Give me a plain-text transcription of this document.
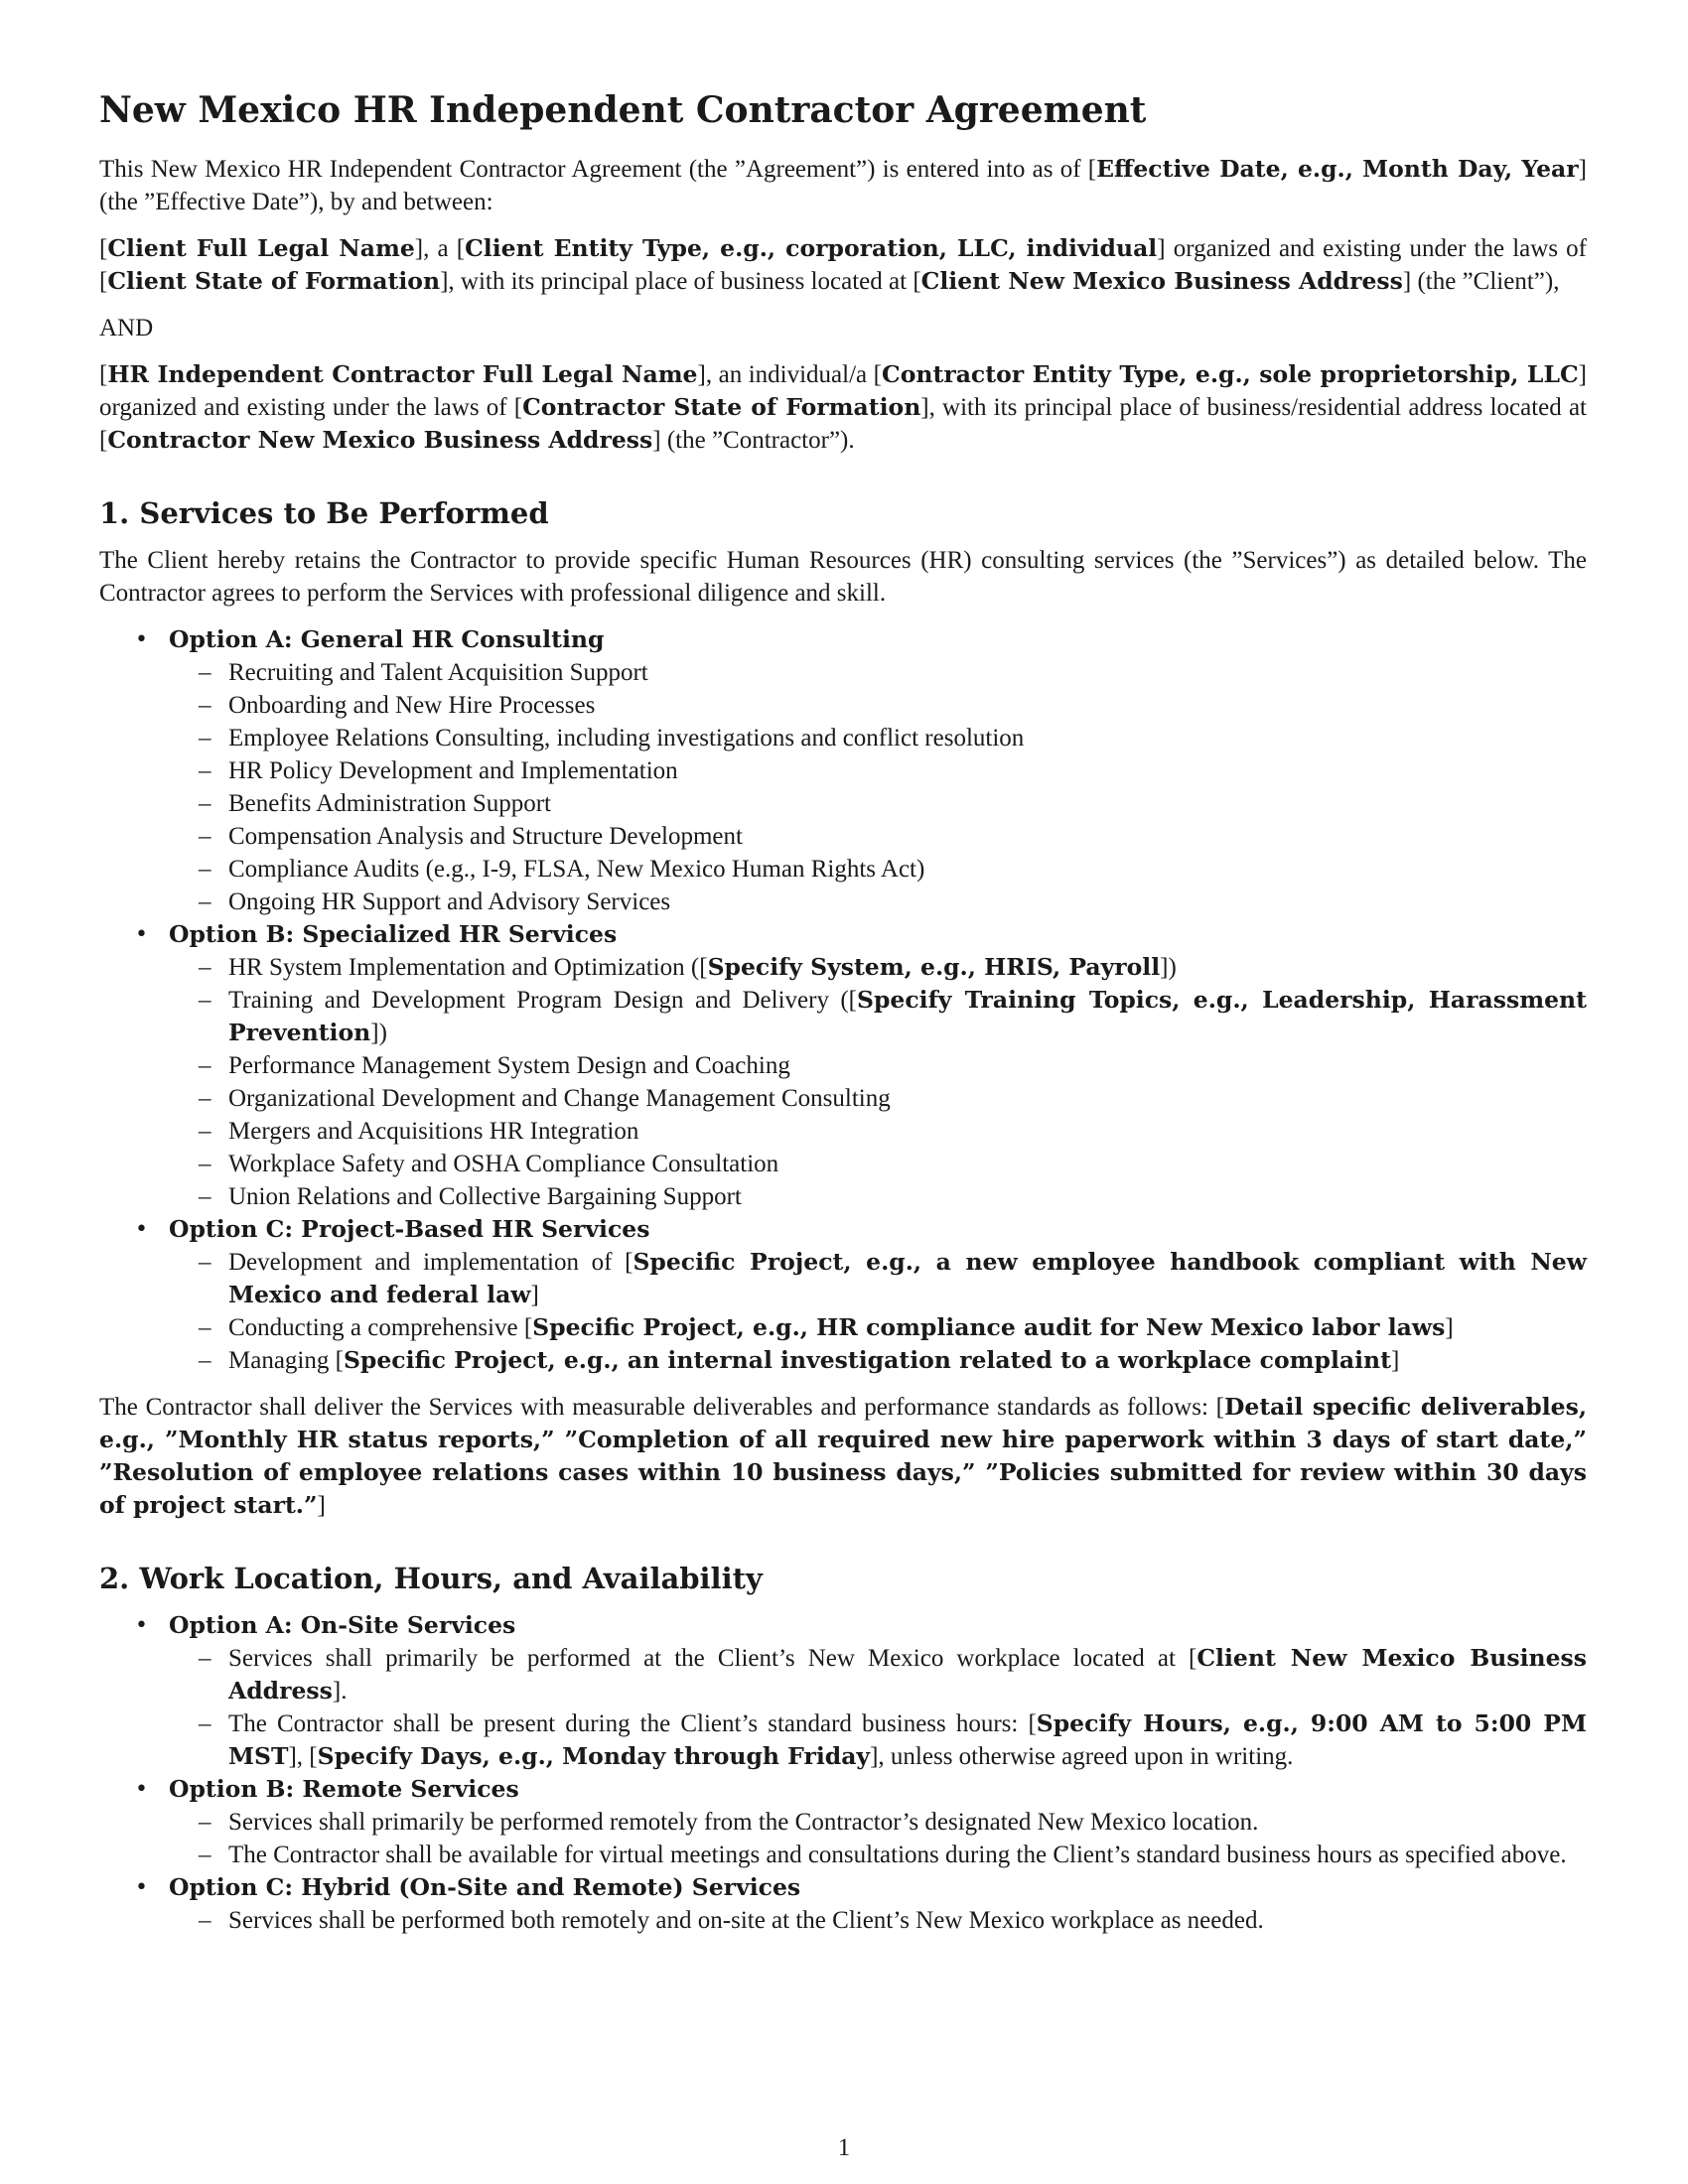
New Mexico HR Independent Contractor Agreement

This New Mexico HR Independent Contractor Agreement (the ”Agreement”) is entered into as of [Effective Date, e.g., Month Day, Year] (the ”Effective Date”), by and between:

[Client Full Legal Name], a [Client Entity Type, e.g., corporation, LLC, individual] organized and existing under the laws of [Client State of Formation], with its principal place of business located at [Client New Mexico Business Address] (the ”Client”),

AND

[HR Independent Contractor Full Legal Name], an individual/a [Contractor Entity Type, e.g., sole proprietorship, LLC] organized and existing under the laws of [Contractor State of Formation], with its principal place of business/residential address located at [Contractor New Mexico Business Address] (the ”Contractor”).

1. Services to Be Performed

The Client hereby retains the Contractor to provide specific Human Resources (HR) consulting services (the ”Services”) as detailed below. The Contractor agrees to perform the Services with professional diligence and skill.

• Option A: General HR Consulting
– Recruiting and Talent Acquisition Support
– Onboarding and New Hire Processes
– Employee Relations Consulting, including investigations and conflict resolution
– HR Policy Development and Implementation
– Benefits Administration Support
– Compensation Analysis and Structure Development
– Compliance Audits (e.g., I-9, FLSA, New Mexico Human Rights Act)
– Ongoing HR Support and Advisory Services
• Option B: Specialized HR Services
– HR System Implementation and Optimization ([Specify System, e.g., HRIS, Payroll])
– Training and Development Program Design and Delivery ([Specify Training Topics, e.g., Leadership, Harassment Prevention])
– Performance Management System Design and Coaching
– Organizational Development and Change Management Consulting
– Mergers and Acquisitions HR Integration
– Workplace Safety and OSHA Compliance Consultation
– Union Relations and Collective Bargaining Support
• Option C: Project-Based HR Services
– Development and implementation of [Specific Project, e.g., a new employee handbook compliant with New Mexico and federal law]
– Conducting a comprehensive [Specific Project, e.g., HR compliance audit for New Mexico labor laws]
– Managing [Specific Project, e.g., an internal investigation related to a workplace complaint]

The Contractor shall deliver the Services with measurable deliverables and performance standards as follows: [Detail specific deliverables, e.g., ”Monthly HR status reports,” ”Completion of all required new hire paperwork within 3 days of start date,” ”Resolution of employee relations cases within 10 business days,” ”Policies submitted for review within 30 days of project start.”]

2. Work Location, Hours, and Availability
• Option A: On-Site Services
– Services shall primarily be performed at the Client’s New Mexico workplace located at [Client New Mexico Business Address].
– The Contractor shall be present during the Client’s standard business hours: [Specify Hours, e.g., 9:00 AM to 5:00 PM MST], [Specify Days, e.g., Monday through Friday], unless otherwise agreed upon in writing.
• Option B: Remote Services
– Services shall primarily be performed remotely from the Contractor’s designated New Mexico location.
– The Contractor shall be available for virtual meetings and consultations during the Client’s standard business hours as specified above.
• Option C: Hybrid (On-Site and Remote) Services
– Services shall be performed both remotely and on-site at the Client’s New Mexico workplace as needed.
1
